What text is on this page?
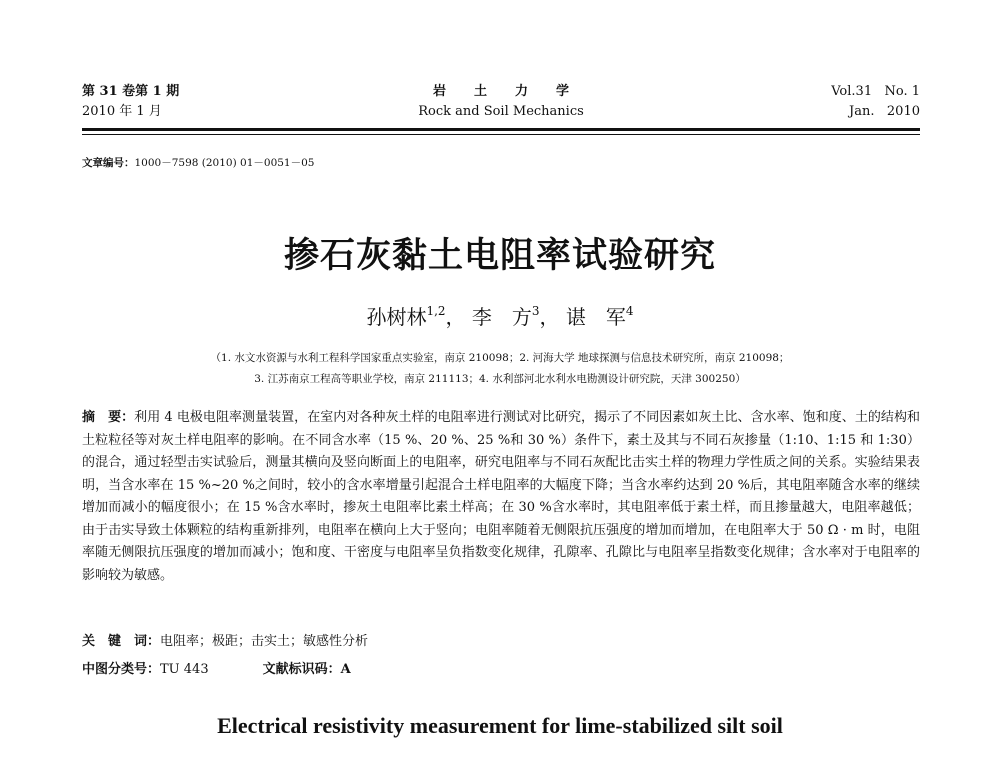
第 31 卷第 1 期
2010 年 1 月
岩土力学
Rock and Soil Mechanics
Vol.31   No. 1
Jan.   2010
文章编号：1000－7598 (2010) 01－0051－05
掺石灰黏土电阻率试验研究
孙树林$^{1,2}$， 李　方$^3$， 谌　军$^4$
（1. 水文水资源与水利工程科学国家重点实验室，南京 210098；2. 河海大学 地球探测与信息技术研究所，南京 210098；
3. 江苏南京工程高等职业学校，南京 211113；4. 水利部河北水利水电勘测设计研究院，天津 300250）
摘　要：利用 4 电极电阻率测量装置，在室内对各种灰土样的电阻率进行测试对比研究，揭示了不同因素如灰土比、含水率、饱和度、土的结构和土粒粒径等对灰土样电阻率的影响。在不同含水率（15 %、20 %、25 %和 30 %）条件下，素土及其与不同石灰掺量（1:10、1:15 和 1:30）的混合，通过轻型击实试验后，测量其横向及竖向断面上的电阻率，研究电阻率与不同石灰配比击实土样的物理力学性质之间的关系。实验结果表明，当含水率在 15 %~20 %之间时，较小的含水率增量引起混合土样电阻率的大幅度下降；当含水率约达到 20 %后，其电阻率随含水率的继续增加而减小的幅度很小；在 15 %含水率时，掺灰土电阻率比素土样高；在 30 %含水率时，其电阻率低于素土样，而且掺量越大，电阻率越低；由于击实导致土体颗粒的结构重新排列，电阻率在横向上大于竖向；电阻率随着无侧限抗压强度的增加而增加，在电阻率大于 50 Ω · m 时，电阻率随无侧限抗压强度的增加而减小；饱和度、干密度与电阻率呈负指数变化规律，孔隙率、孔隙比与电阻率呈指数变化规律；含水率对于电阻率的影响较为敏感。
关　键　词：电阻率；极距；击实土；敏感性分析
中图分类号：TU 443	文献标识码：A
Electrical resistivity measurement for lime-stabilized silt soil
